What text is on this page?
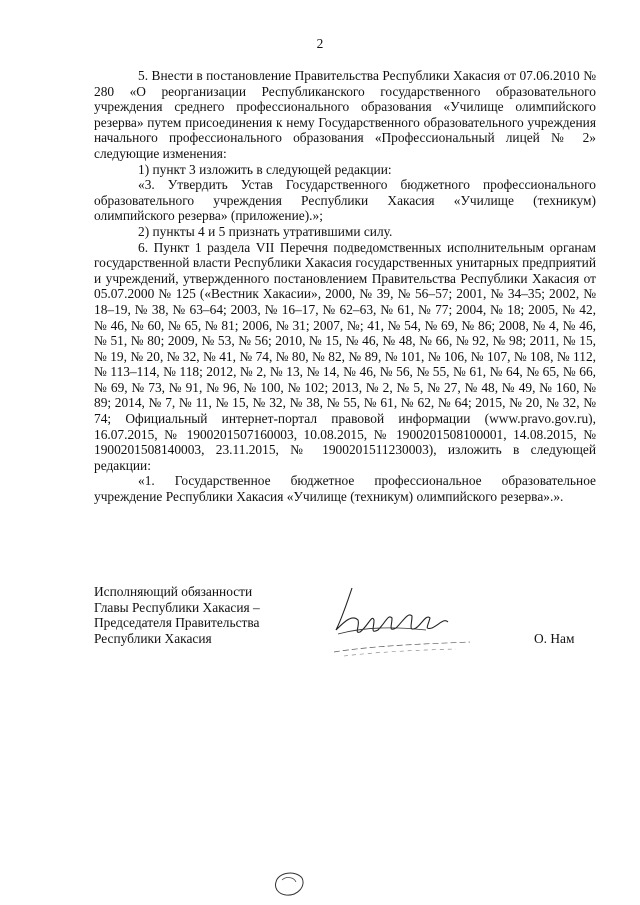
2

5. Внести в постановление Правительства Республики Хакасия от 07.06.2010 № 280 «О реорганизации Республиканского государственного образовательного учреждения среднего профессионального образования «Училище олимпийского резерва» путем присоединения к нему Государственного образовательного учреждения начального профессионального образования «Профессиональный лицей № 2» следующие изменения:

1) пункт 3 изложить в следующей редакции:

«3. Утвердить Устав Государственного бюджетного профессионального образовательного учреждения Республики Хакасия «Училище (техникум) олимпийского резерва» (приложение).»;

2) пункты 4 и 5 признать утратившими силу.

6. Пункт 1 раздела VII Перечня подведомственных исполнительным органам государственной власти Республики Хакасия государственных унитарных предприятий и учреждений, утвержденного постановлением Правительства Республики Хакасия от 05.07.2000 № 125 («Вестник Хакасии», 2000, № 39, № 56–57; 2001, № 34–35; 2002, № 18–19, № 38, № 63–64; 2003, № 16–17, № 62–63, № 61, № 77; 2004, № 18; 2005, № 42, № 46, № 60, № 65, № 81; 2006, № 31; 2007, №; 41, № 54, № 69, № 86; 2008, № 4, № 46, № 51, № 80; 2009, № 53, № 56; 2010, № 15, № 46, № 48, № 66, № 92, № 98; 2011, № 15, № 19, № 20, № 32, № 41, № 74, № 80, № 82, № 89, № 101, № 106, № 107, № 108, № 112, № 113–114, № 118; 2012, № 2, № 13, № 14, № 46, № 56, № 55, № 61, № 64, № 65, № 66, № 69, № 73, № 91, № 96, № 100, № 102; 2013, № 2, № 5, № 27, № 48, № 49, № 160, № 89; 2014, № 7, № 11, № 15, № 32, № 38, № 55, № 61, № 62, № 64; 2015, № 20, № 32, № 74; Официальный интернет-портал правовой информации (www.pravo.gov.ru), 16.07.2015, № 1900201507160003, 10.08.2015, № 1900201508100001, 14.08.2015, № 1900201508140003, 23.11.2015, № 1900201511230003), изложить в следующей редакции:

«1. Государственное бюджетное профессиональное образовательное учреждение Республики Хакасия «Училище (техникум) олимпийского резерва».».

Исполняющий обязанности

Главы Республики Хакасия –

Председателя Правительства

Республики Хакасия	О. Нам
